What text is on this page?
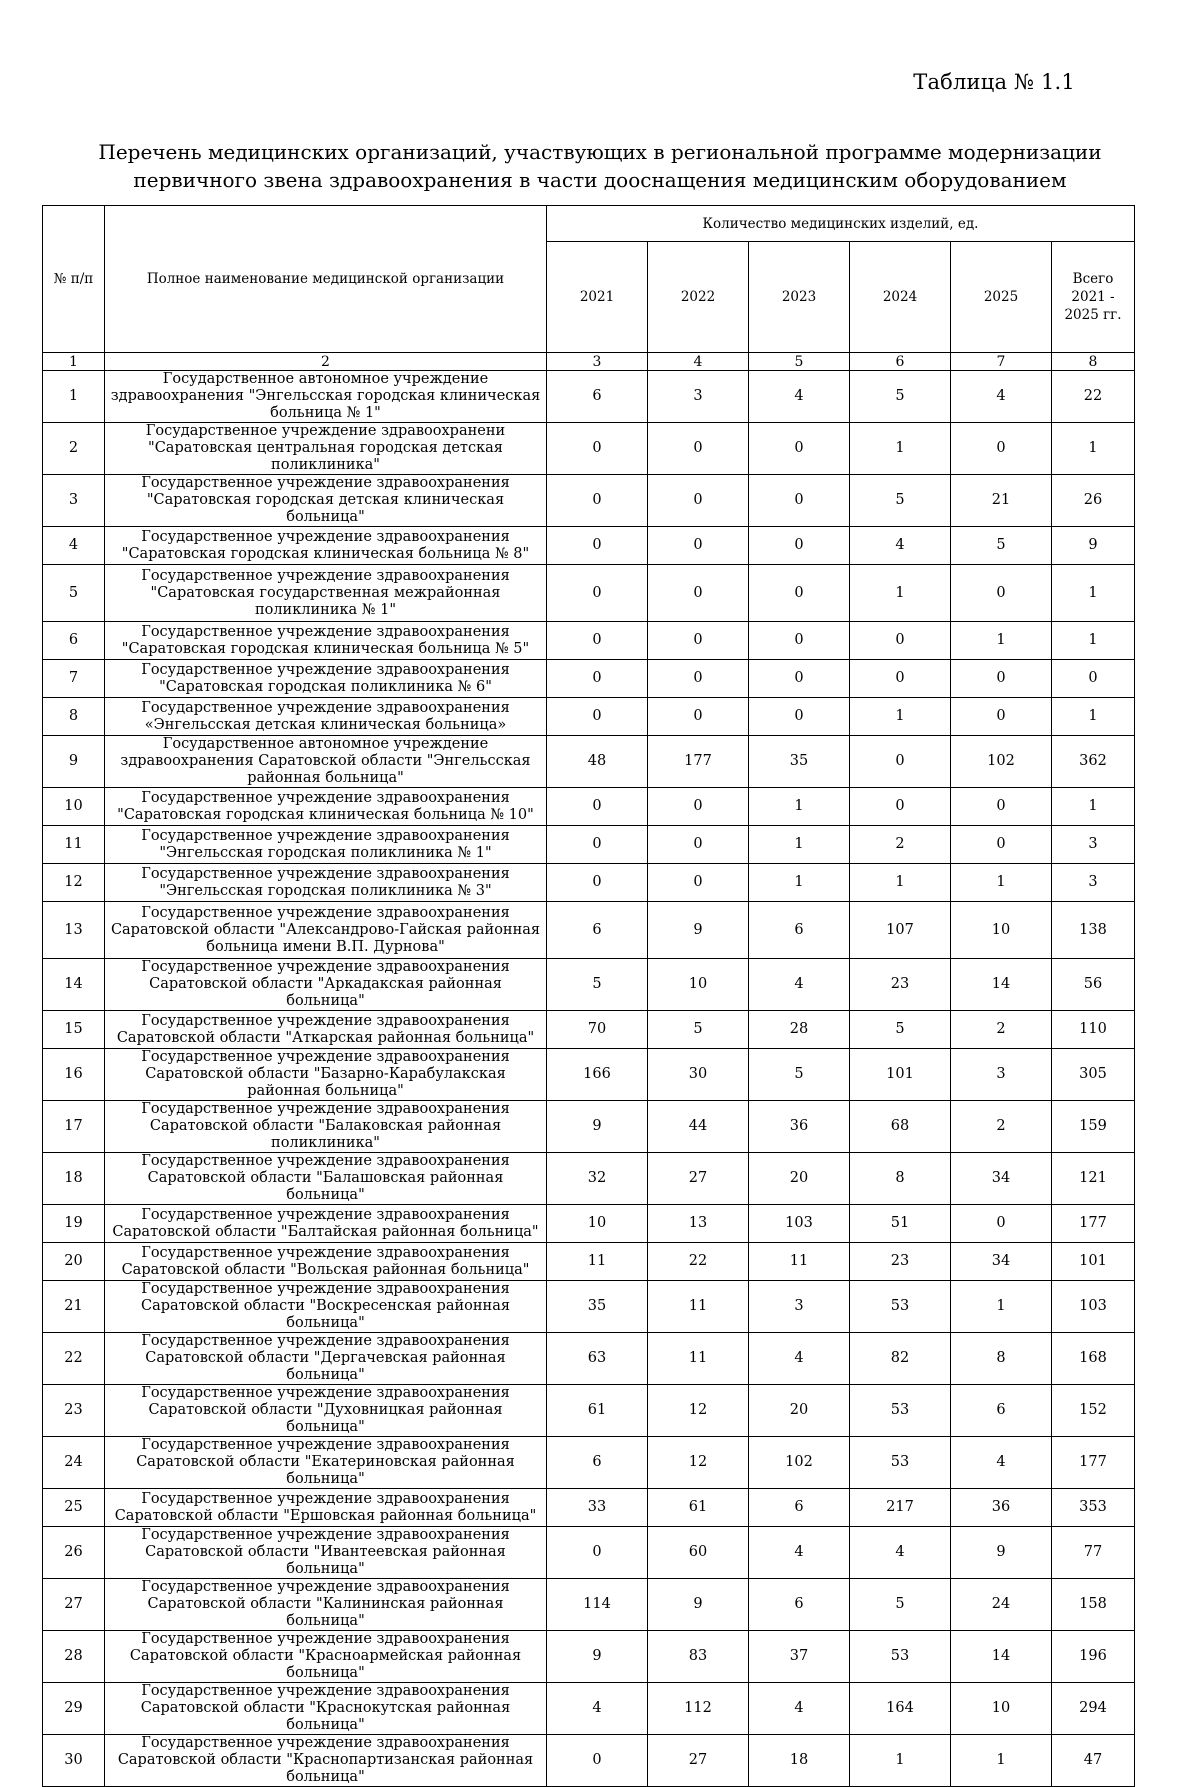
Таблица № 1.1
Перечень медицинских организаций, участвующих в региональной программе модернизации
первичного звена здравоохранения в части дооснащения медицинским оборудованием
№ п/п	Полное наименование медицинской организации	Количество медицинских изделий, ед.					
		2021	2022	2023	2024	2025	Всего 2021 - 2025 гг.
1	2	3	4	5	6	7	8
1	Государственное автономное учреждение здравоохранения "Энгельсская городская клиническая больница № 1"	6	3	4	5	4	22
2	Государственное учреждение здравоохранени "Саратовская центральная городская детская поликлиника"	0	0	0	1	0	1
3	Государственное учреждение здравоохранения "Саратовская городская детская клиническая больница"	0	0	0	5	21	26
4	Государственное учреждение здравоохранения "Саратовская городская клиническая больница № 8"	0	0	0	4	5	9
5	Государственное учреждение здравоохранения "Саратовская государственная межрайонная поликлиника № 1"	0	0	0	1	0	1
6	Государственное учреждение здравоохранения "Саратовская городская клиническая больница № 5"	0	0	0	0	1	1
7	Государственное учреждение здравоохранения "Саратовская городская поликлиника № 6"	0	0	0	0	0	0
8	Государственное учреждение здравоохранения «Энгельсская детская клиническая больница»	0	0	0	1	0	1
9	Государственное автономное учреждение здравоохранения Саратовской области "Энгельсская районная больница"	48	177	35	0	102	362
10	Государственное учреждение здравоохранения "Саратовская городская клиническая больница № 10"	0	0	1	0	0	1
11	Государственное учреждение здравоохранения "Энгельсская городская поликлиника № 1"	0	0	1	2	0	3
12	Государственное учреждение здравоохранения "Энгельсская городская поликлиника № 3"	0	0	1	1	1	3
13	Государственное учреждение здравоохранения Саратовской области "Александрово-Гайская районная больница имени В.П. Дурнова"	6	9	6	107	10	138
14	Государственное учреждение здравоохранения Саратовской области "Аркадакская районная больница"	5	10	4	23	14	56
15	Государственное учреждение здравоохранения Саратовской области "Аткарская районная больница"	70	5	28	5	2	110
16	Государственное учреждение здравоохранения Саратовской области "Базарно-Карабулакская районная больница"	166	30	5	101	3	305
17	Государственное учреждение здравоохранения Саратовской области "Балаковская районная поликлиника"	9	44	36	68	2	159
18	Государственное учреждение здравоохранения Саратовской области "Балашовская районная больница"	32	27	20	8	34	121
19	Государственное учреждение здравоохранения Саратовской области "Балтайская районная больница"	10	13	103	51	0	177
20	Государственное учреждение здравоохранения Саратовской области "Вольская районная больница"	11	22	11	23	34	101
21	Государственное учреждение здравоохранения Саратовской области "Воскресенская районная больница"	35	11	3	53	1	103
22	Государственное учреждение здравоохранения Саратовской области "Дергачевская районная больница"	63	11	4	82	8	168
23	Государственное учреждение здравоохранения Саратовской области "Духовницкая районная больница"	61	12	20	53	6	152
24	Государственное учреждение здравоохранения Саратовской области "Екатериновская районная больница"	6	12	102	53	4	177
25	Государственное учреждение здравоохранения Саратовской области "Ершовская районная больница"	33	61	6	217	36	353
26	Государственное учреждение здравоохранения Саратовской области "Ивантеевская районная больница"	0	60	4	4	9	77
27	Государственное учреждение здравоохранения Саратовской области "Калининская районная больница"	114	9	6	5	24	158
28	Государственное учреждение здравоохранения Саратовской области "Красноармейская районная больница"	9	83	37	53	14	196
29	Государственное учреждение здравоохранения Саратовской области "Краснокутская районная больница"	4	112	4	164	10	294
30	Государственное учреждение здравоохранения Саратовской области "Краснопартизанская районная больница"	0	27	18	1	1	47
